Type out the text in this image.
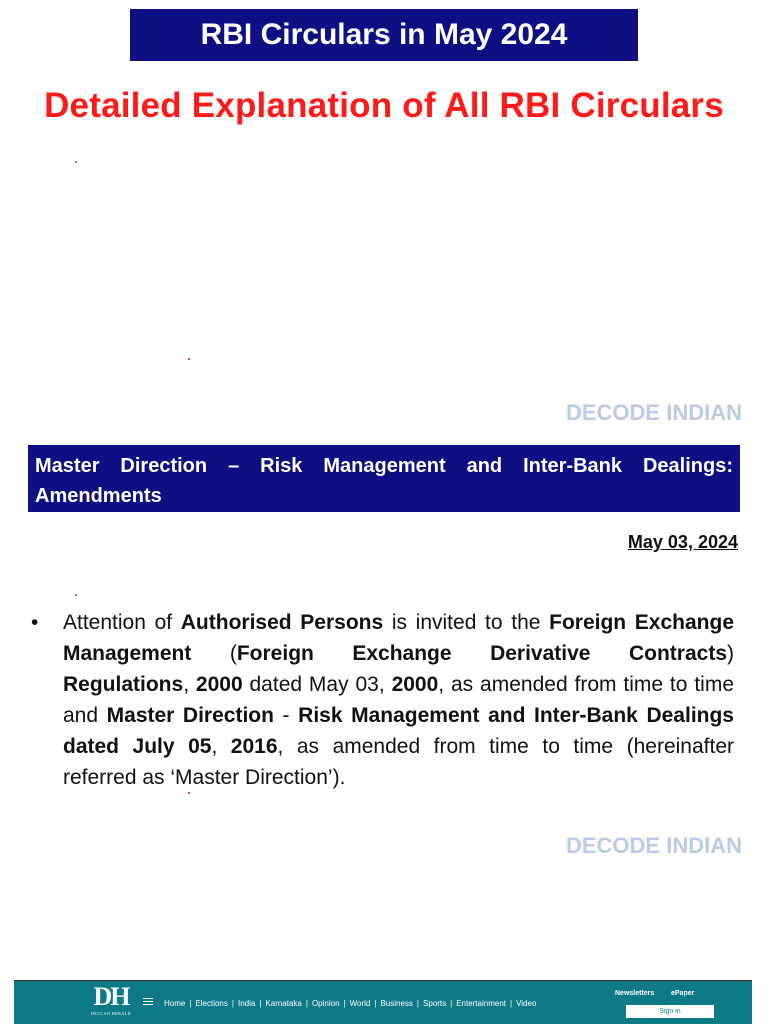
RBI Circulars in May 2024
Detailed Explanation of All RBI Circulars
DECODE INDIAN
Master Direction – Risk Management and Inter-Bank Dealings: Amendments
May 03, 2024
•	Attention of Authorised Persons is invited to the Foreign Exchange Management (Foreign Exchange Derivative Contracts) Regulations, 2000 dated May 03, 2000, as amended from time to time and Master Direction - Risk Management and Inter-Bank Dealings dated July 05, 2016, as amended from time to time (hereinafter referred as ‘Master Direction’).
DECODE INDIAN
DH
DECCAN HERALD
Home | Elections | India | Karnataka | Opinion | World | Business | Sports | Entertainment | Video
Newsletters ePaper
Sign in
